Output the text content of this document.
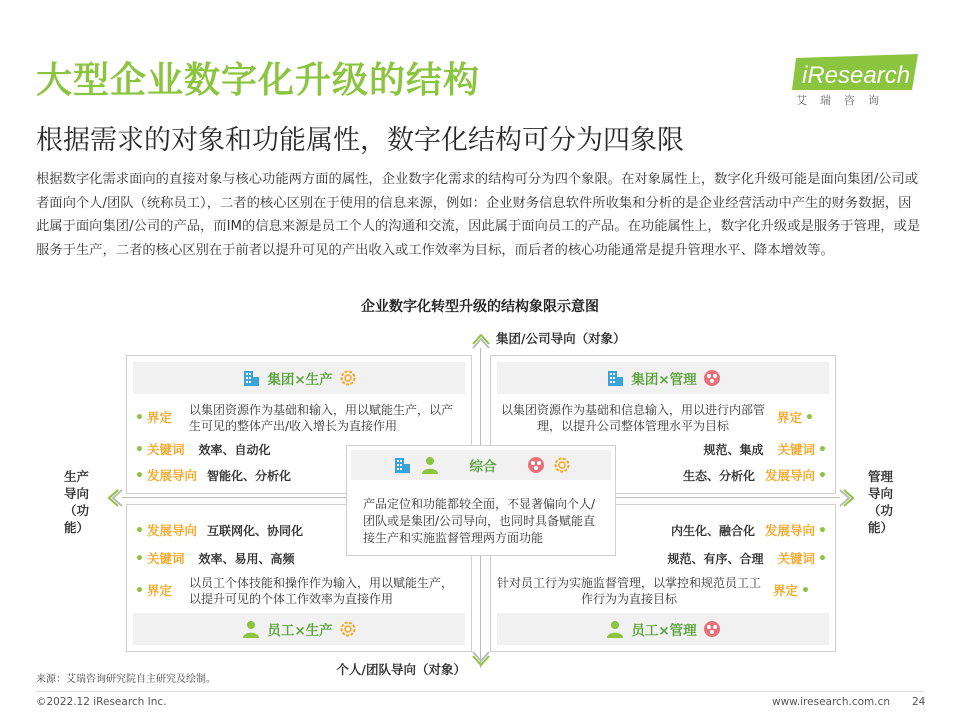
大型企业数字化升级的结构
根据需求的对象和功能属性，数字化结构可分为四象限
iResearch
艾瑞咨询
根据数字化需求面向的直接对象与核心功能两方面的属性，企业数字化需求的结构可分为四个象限。在对象属性上，数字化升级可能是面向集团/公司或者面向个人/团队（统称员工），二者的核心区别在于使用的信息来源，例如：企业财务信息软件所收集和分析的是企业经营活动中产生的财务数据，因此属于面向集团/公司的产品，而IM的信息来源是员工个人的沟通和交流，因此属于面向员工的产品。在功能属性上，数字化升级或是服务于管理，或是服务于生产，二者的核心区别在于前者以提升可见的产出收入或工作效率为目标，而后者的核心功能通常是提升管理水平、降本增效等。
企业数字化转型升级的结构象限示意图
集团/公司导向（对象）
个人/团队导向（对象）
生产
导向
（功
能）
管理
导向
（功
能）
集团×生产
• 界定	以集团资源作为基础和输入，用以赋能生产，以产生可见的整体产出/收入增长为直接作用
• 关键词 效率、自动化
• 发展导向 智能化、分析化
集团×管理
以集团资源作为基础和信息输入，用以进行内部管理，以提升公司整体管理水平为目标
界定 •
规范、集成 关键词 •
生态、分析化 发展导向 •
• 发展导向 互联网化、协同化
• 关键词 效率、易用、高频
• 界定	以员工个体技能和操作作为输入，用以赋能生产，以提升可见的个体工作效率为直接作用
员工×生产
内生化、融合化 发展导向 •
规范、有序、合理 关键词 •
针对员工行为实施监督管理，以掌控和规范员工工作行为为直接目标
界定 •
员工×管理
综合
产品定位和功能都较全面，不显著偏向个人/团队或是集团/公司导向，也同时具备赋能直接生产和实施监督管理两方面功能
来源：艾瑞咨询研究院自主研究及绘制。
©2022.12 iResearch Inc.	www.iresearch.com.cn 24
